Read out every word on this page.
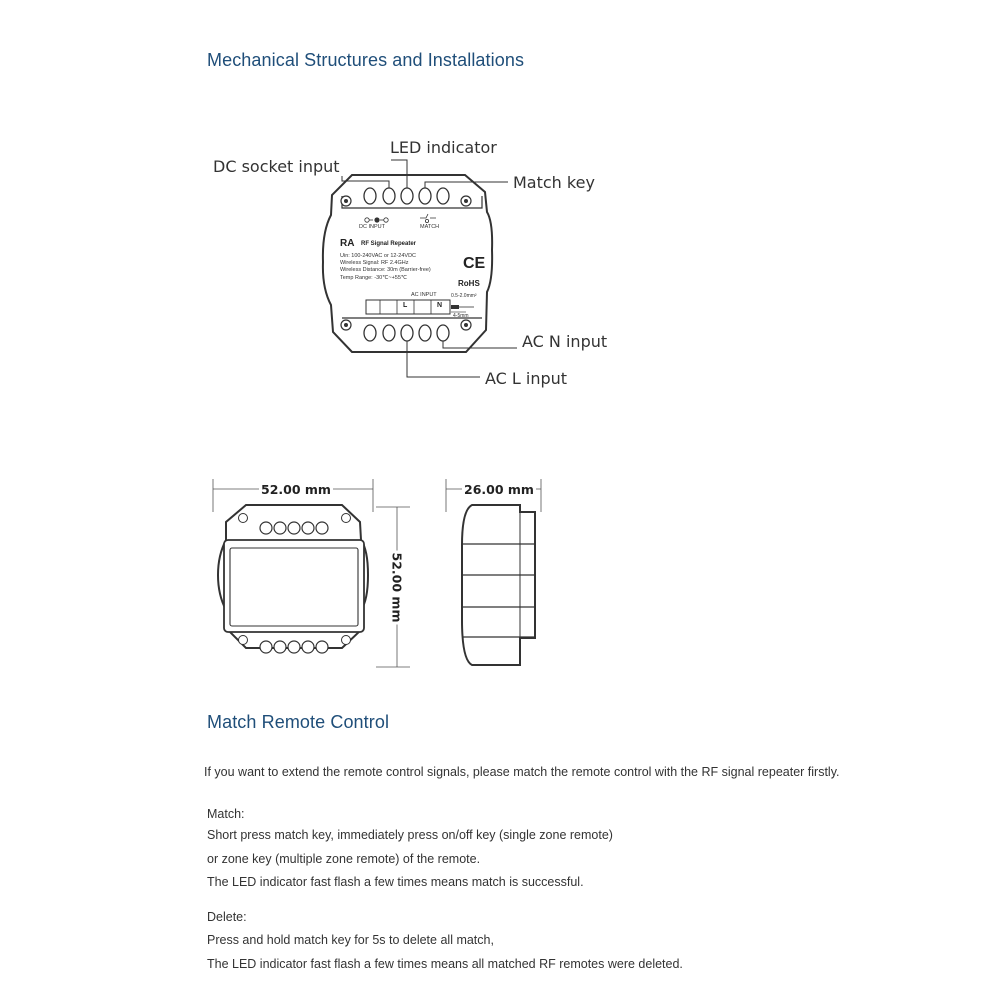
Mechanical Structures and Installations
CE
DC INPUT	MATCH
RA RF Signal Repeater
Uin: 100-240VAC or 12-24VDC
Wireless Signal: RF 2.4GHz
Wireless Distance: 30m (Barrier-free)
Temp Range: -30℃~+55℃
RoHS
AC INPUT
L	N
0.5-2.0mm²
4-5mm
LED indicator
DC socket input
Match key
AC N input
AC L input
52.00 mm	26.00 mm
52.00 mm
Match Remote Control
If you want to extend the remote control signals, please match the remote control with the RF signal repeater firstly.
Match:
Short press match key, immediately press on/off key (single zone remote)
or zone key (multiple zone remote) of the remote.
The LED indicator fast flash a few times means match is successful.
Delete:
Press and hold match key for 5s to delete all match,
The LED indicator fast flash a few times means all matched RF remotes were deleted.
